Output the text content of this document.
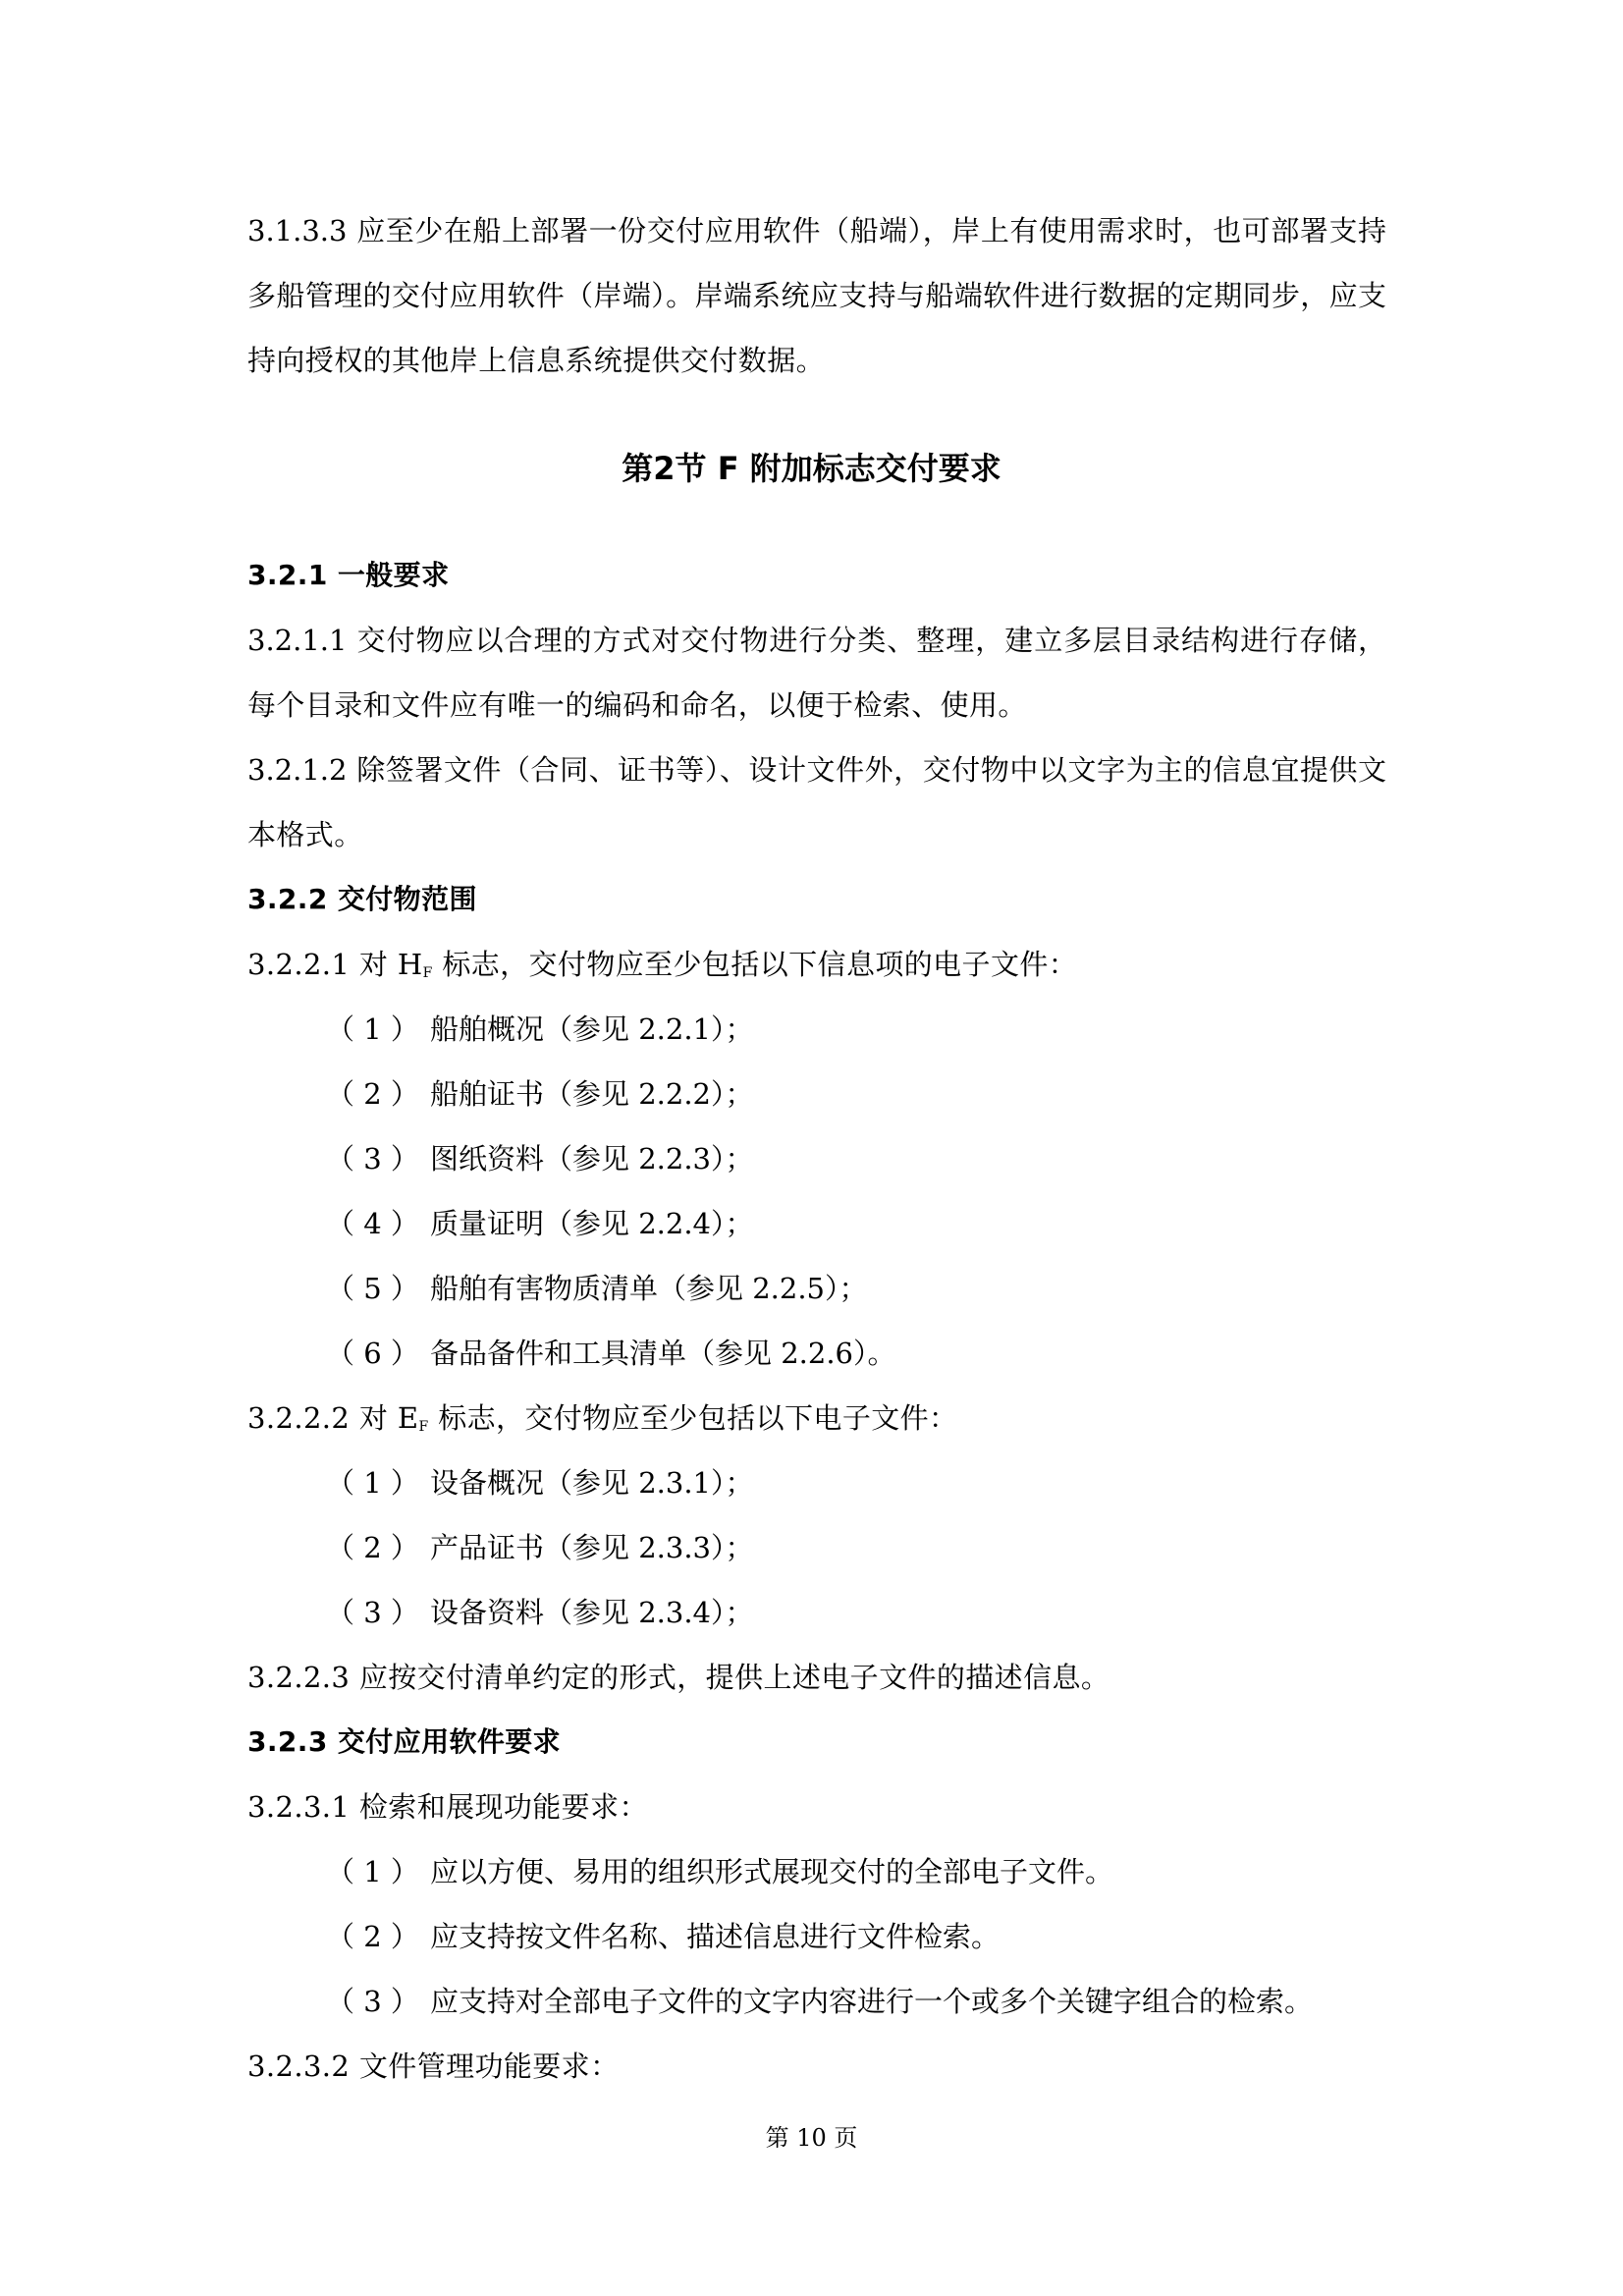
3.1.3.3 应至少在船上部署一份交付应用软件（船端），岸上有使用需求时，也可部署支持
多船管理的交付应用软件（岸端）。岸端系统应支持与船端软件进行数据的定期同步，应支
持向授权的其他岸上信息系统提供交付数据。
第2节 F 附加标志交付要求
3.2.1 一般要求
3.2.1.1 交付物应以合理的方式对交付物进行分类、整理，建立多层目录结构进行存储，
每个目录和文件应有唯一的编码和命名，以便于检索、使用。
3.2.1.2 除签署文件（合同、证书等）、设计文件外，交付物中以文字为主的信息宜提供文
本格式。
3.2.2 交付物范围
3.2.2.1 对 $H_F$ 标志，交付物应至少包括以下信息项的电子文件：
（ 1 ） 船舶概况（参见 2.2.1）；
（ 2 ） 船舶证书（参见 2.2.2）；
（ 3 ） 图纸资料（参见 2.2.3）；
（ 4 ） 质量证明（参见 2.2.4）；
（ 5 ） 船舶有害物质清单（参见 2.2.5）；
（ 6 ） 备品备件和工具清单（参见 2.2.6）。
3.2.2.2 对 $E_F$ 标志，交付物应至少包括以下电子文件：
（ 1 ） 设备概况（参见 2.3.1）；
（ 2 ） 产品证书（参见 2.3.3）；
（ 3 ） 设备资料（参见 2.3.4）；
3.2.2.3 应按交付清单约定的形式，提供上述电子文件的描述信息。
3.2.3 交付应用软件要求
3.2.3.1 检索和展现功能要求：
（ 1 ） 应以方便、易用的组织形式展现交付的全部电子文件。
（ 2 ） 应支持按文件名称、描述信息进行文件检索。
（ 3 ） 应支持对全部电子文件的文字内容进行一个或多个关键字组合的检索。
3.2.3.2 文件管理功能要求：
第 10 页
